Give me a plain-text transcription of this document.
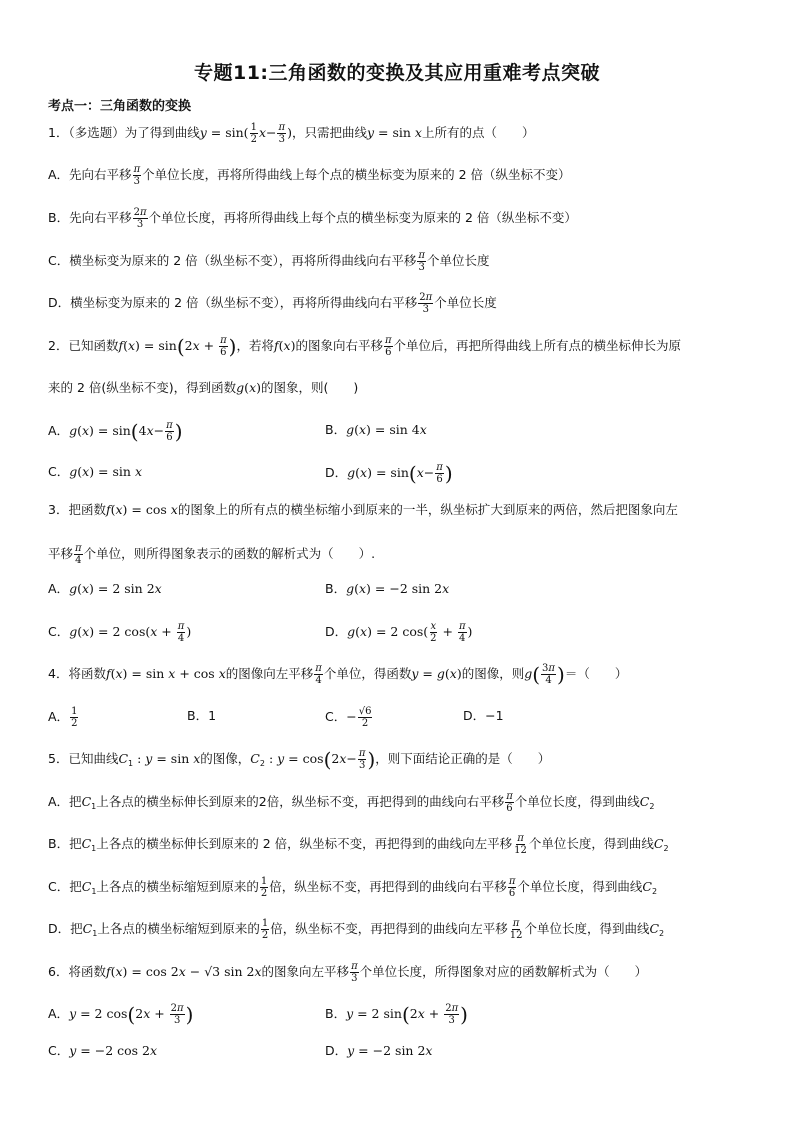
专题11:三角函数的变换及其应用重难考点突破
考点一：三角函数的变换
1．（多选题）为了得到曲线$y = \sin( \frac{1}{2} x- \frac{\pi}{3}$ )，只需把曲线y = sin x上所有的点（　　）
A．先向右平移 $\frac{\pi}{3}$ 个单位长度，再将所得曲线上每个点的横坐标变为原来的 2 倍（纵坐标不变）
B．先向右平移 $\frac{2\pi}{3}$ 个单位长度，再将所得曲线上每个点的横坐标变为原来的 2 倍（纵坐标不变）
C．横坐标变为原来的 2 倍（纵坐标不变），再将所得曲线向右平移 $\frac{\pi}{3}$ 个单位长度
D．横坐标变为原来的 2 倍（纵坐标不变），再将所得曲线向右平移 $\frac{2\pi}{3}$ 个单位长度
2．已知函数$f(x) = \sin(2x + \frac{\pi}{6}$ )，若将f(x)的图象向右平移 $\frac{\pi}{6}$ 个单位后，再把所得曲线上所有点的横坐标伸长为原
来的 2 倍(纵坐标不变)，得到函数g(x)的图象，则(　　)
A．$g(x) = \sin(4x- \frac{\pi}{6}$ )	B．g(x) = sin 4x
C．g(x) = sin x	D．$g(x) = \sin(x- \frac{\pi}{6}$ )
3．把函数f(x) = cos x的图象上的所有点的横坐标缩小到原来的一半，纵坐标扩大到原来的两倍，然后把图象向左
平移 $\frac{\pi}{4}$ 个单位，则所得图象表示的函数的解析式为（　　）.
A．g(x) = 2 sin 2x	B．g(x) = −2 sin 2x
C．g(x) = 2 $\cos(x + \frac{\pi}{4}$ )	D．g(x) = 2 $\cos( \frac{x}{2} + \frac{\pi}{4}$ )
4．将函数f(x) = sin x + cos x的图像向左平移 $\frac{\pi}{4}$ 个单位，得函数y = g(x)的图像，则$g( \frac{3\pi}{4}$ )＝（　　）
A． $\frac{1}{2}$	B．1	C．− $\frac{√6}{2}$	D．−1
5．已知曲线$C_1$ : y = sin x的图像，$C_2$ : $y = \cos(2x- \frac{\pi}{3}$ )，则下面结论正确的是（　　）
A．把$C_1$上各点的横坐标伸长到原来的2倍，纵坐标不变，再把得到的曲线向右平移 $\frac{\pi}{6}$ 个单位长度，得到曲线$C_2$
B．把$C_1$上各点的横坐标伸长到原来的 2 倍，纵坐标不变，再把得到的曲线向左平移 $\frac{\pi}{12}$ 个单位长度，得到曲线$C_2$
C．把$C_1$上各点的横坐标缩短到原来的 $\frac{1}{2}$ 倍，纵坐标不变，再把得到的曲线向右平移 $\frac{\pi}{6}$ 个单位长度，得到曲线$C_2$
D．把$C_1$上各点的横坐标缩短到原来的 $\frac{1}{2}$ 倍，纵坐标不变，再把得到的曲线向左平移 $\frac{\pi}{12}$ 个单位长度，得到曲线$C_2$
6．将函数f(x) = cos 2x − √3 sin 2x的图象向左平移 $\frac{\pi}{3}$ 个单位长度，所得图象对应的函数解析式为（　　）
A．y = 2 $\cos(2x + \frac{2\pi}{3}$ )	B．y = 2 $\sin(2x + \frac{2\pi}{3}$ )
C．y = −2 cos 2x	D．y = −2 sin 2x
